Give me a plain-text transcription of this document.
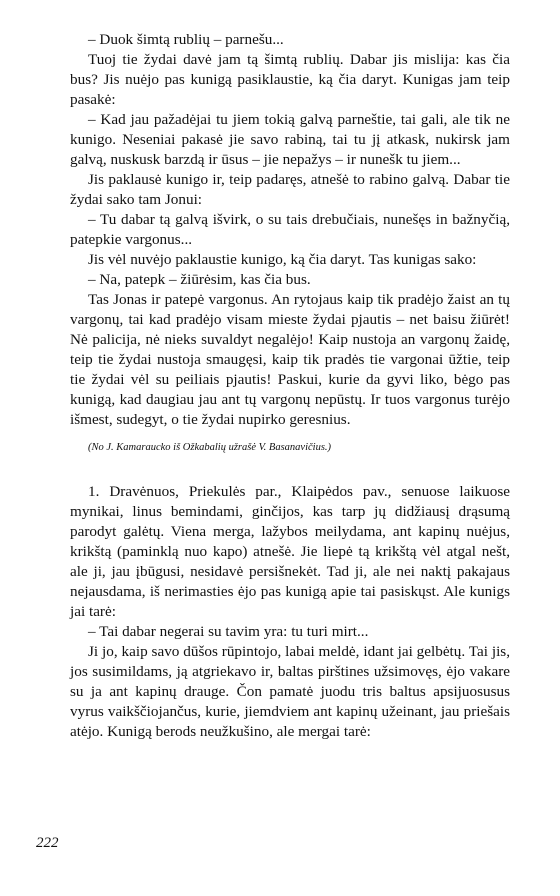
– Duok šimtą rublių – parnešu...

Tuoj tie žydai davė jam tą šimtą rublių. Dabar jis mislija: kas čia bus? Jis nuėjo pas kunigą pasiklaustie, ką čia daryt. Kunigas jam teip pasakė:

– Kad jau pažadėjai tu jiem tokią galvą parneštie, tai gali, ale tik ne kunigo. Neseniai pakasė jie savo rabiną, tai tu jį atkask, nukirsk jam galvą, nuskusk barzdą ir ūsus – jie nepažys – ir nunešk tu jiem...

Jis paklausė kunigo ir, teip padaręs, atnešė to rabino galvą. Dabar tie žydai sako tam Jonui:

– Tu dabar tą galvą išvirk, o su tais drebučiais, nunešęs in bažnyčią, patepkie vargonus...

Jis vėl nuvėjo paklaustie kunigo, ką čia daryt. Tas kunigas sako:

– Na, patepk – žiūrėsim, kas čia bus.

Tas Jonas ir patepė vargonus. An rytojaus kaip tik pradėjo žaist an tų vargonų, tai kad pradėjo visam mieste žydai pjautis – net baisu žiūrėt! Nė palicija, nė nieks suvaldyt negalėjo! Kaip nustoja an vargonų žaidę, teip tie žydai nustoja smaugęsi, kaip tik pradės tie vargonai ūžtie, teip tie žydai vėl su peiliais pjautis! Paskui, kurie da gyvi liko, bėgo pas kunigą, kad daugiau jau ant tų vargonų nepūstų. Ir tuos vargonus turėjo išmest, sudegyt, o tie žydai nupirko geresnius.

(No J. Kamaraucko iš Ožkabalių užrašė V. Basanavičius.)

1. Dravėnuos, Priekulės par., Klaipėdos pav., senuose laikuose mynikai, linus bemindami, ginčijos, kas tarp jų didžiausį drąsumą parodyt galėtų. Viena merga, lažybos meilydama, ant kapinų nuėjus, krikštą (paminklą nuo kapo) atnešė. Jie liepė tą krikštą vėl atgal nešt, ale ji, jau įbūgusi, nesidavė persišnekėt. Tad ji, ale nei naktį pakajaus nejausdama, iš nerimasties ėjo pas kunigą apie tai pasiskųst. Ale kunigs jai tarė:

– Tai dabar negerai su tavim yra: tu turi mirt...

Ji jo, kaip savo dūšos rūpintojo, labai meldė, idant jai gelbėtų. Tai jis, jos susimildams, ją atgriekavo ir, baltas pirštines užsimovęs, ėjo vakare su ja ant kapinų drauge. Čon pamatė juodu tris baltus apsijuosusus vyrus vaikščiojančus, kurie, jiemdviem ant kapinų užeinant, jau priešais atėjo. Kunigą berods neužkušino, ale mergai tarė:

222
